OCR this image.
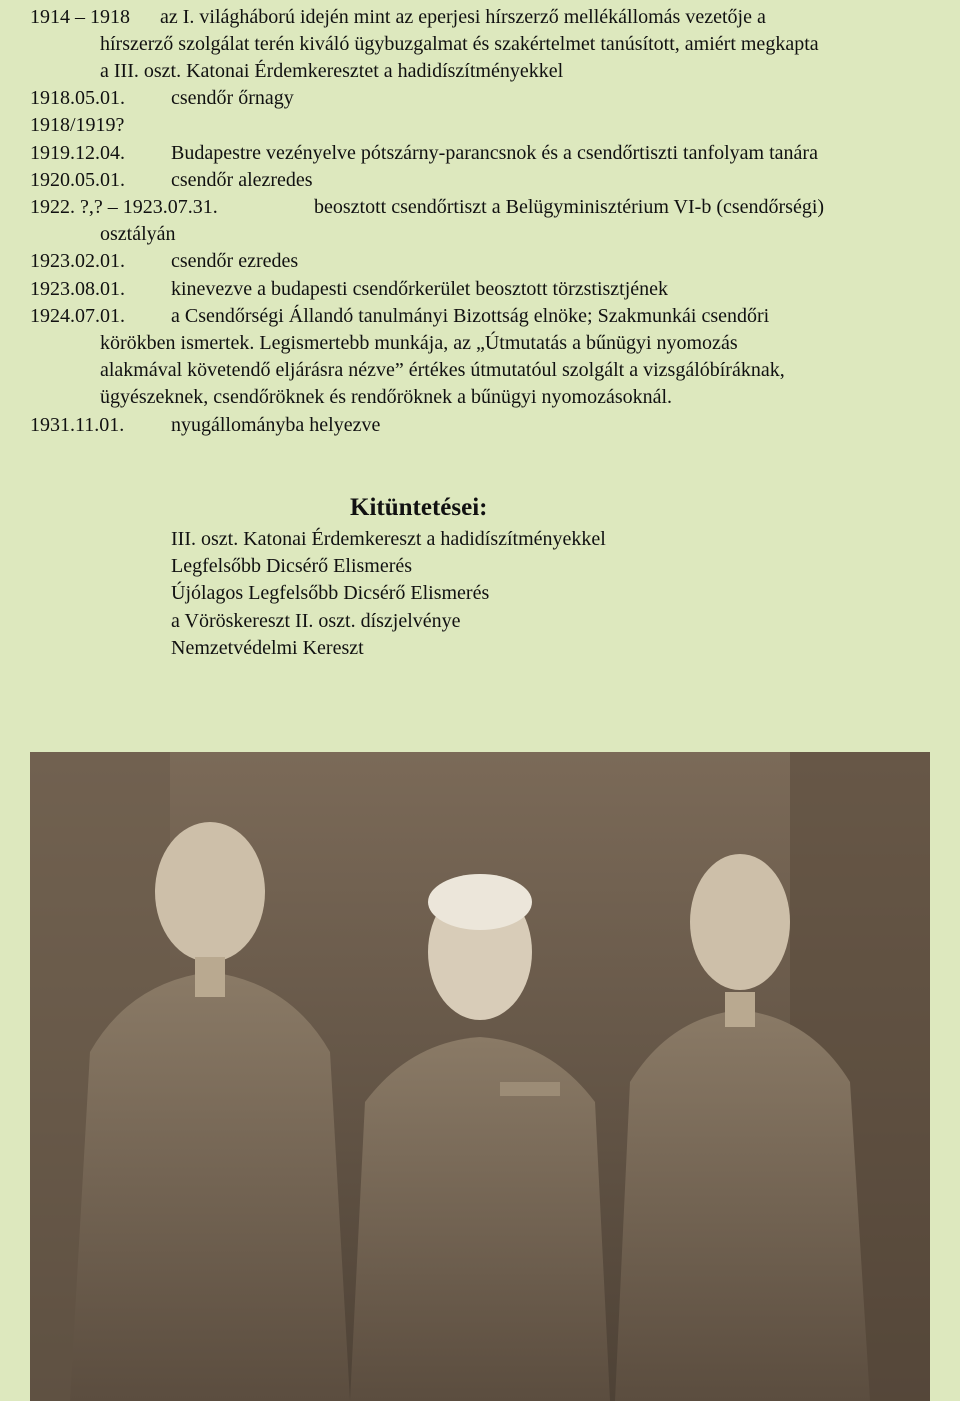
1914 – 1918 az I. világháború idején mint az eperjesi hírszerző mellékállomás vezetője a
hírszerző szolgálat terén kiváló ügybuzgalmat és szakértelmet tanúsított, amiért megkapta
a III. oszt. Katonai Érdemkeresztet a hadidíszítményekkel
1918.05.01. csendőr őrnagy
1918/1919?
1919.12.04. Budapestre vezényelve pótszárny-parancsnok és a csendőrtiszti tanfolyam tanára
1920.05.01. csendőr alezredes
1922. ?,? – 1923.07.31.	beosztott csendőrtiszt a Belügyminisztérium VI-b (csendőrségi)
osztályán
1923.02.01. csendőr ezredes
1923.08.01. kinevezve a budapesti csendőrkerület beosztott törzstisztjének
1924.07.01. a Csendőrségi Állandó tanulmányi Bizottság elnöke; Szakmunkái csendőri
körökben ismertek. Legismertebb munkája, az „Útmutatás a bűnügyi nyomozás
alakmával követendő eljárásra nézve” értékes útmutatóul szolgált a vizsgálóbíráknak,
ügyészeknek, csendőröknek és rendőröknek a bűnügyi nyomozásoknál.
1931.11.01. nyugállományba helyezve
Kitüntetései:
III. oszt. Katonai Érdemkereszt a hadidíszítményekkel
Legfelsőbb Dicsérő Elismerés
Újólagos Legfelsőbb Dicsérő Elismerés
a Vöröskereszt II. oszt. díszjelvénye
Nemzetvédelmi Kereszt
